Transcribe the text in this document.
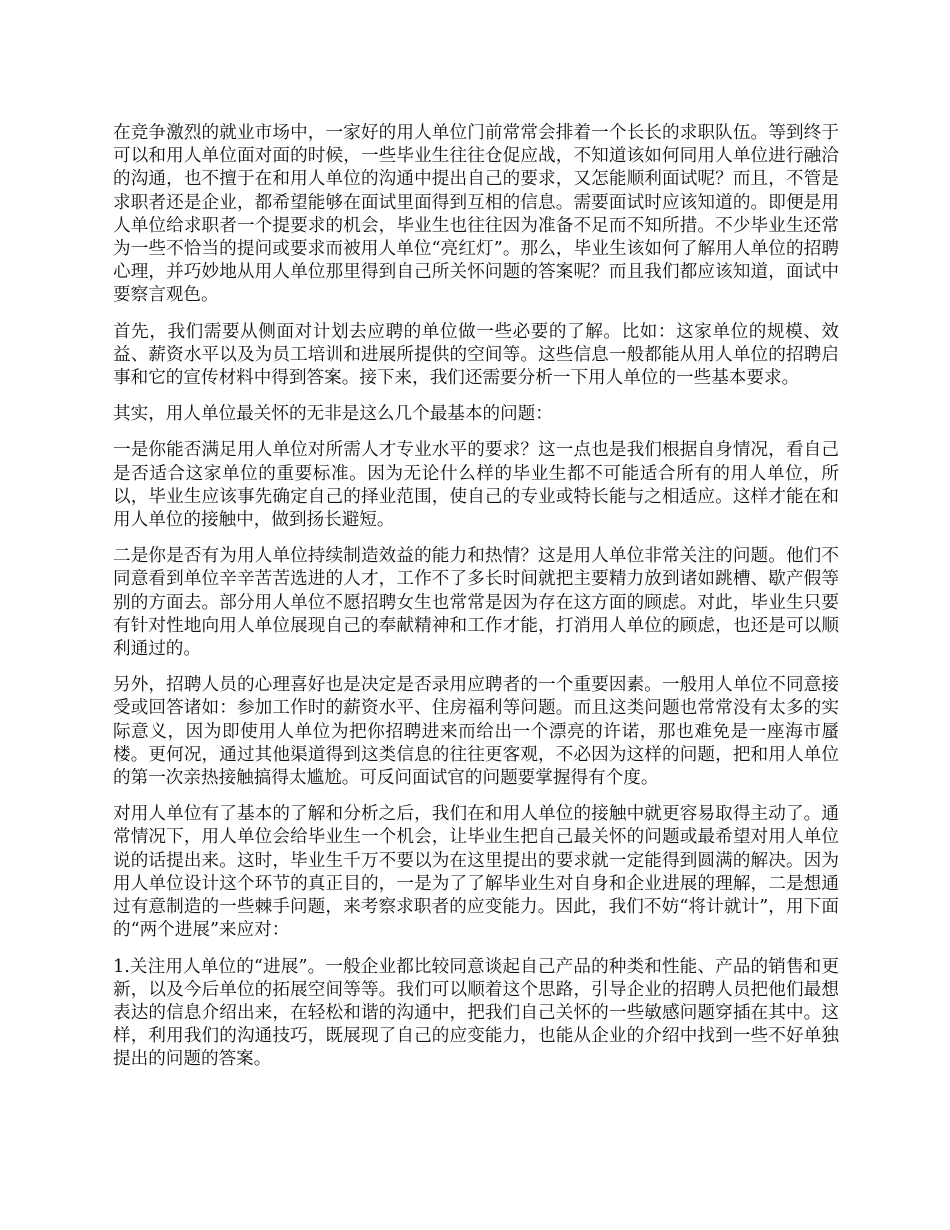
在竞争激烈的就业市场中，一家好的用人单位门前常常会排着一个长长的求职队伍。等到终于可以和用人单位面对面的时候，一些毕业生往往仓促应战，不知道该如何同用人单位进行融洽的沟通，也不擅于在和用人单位的沟通中提出自己的要求，又怎能顺利面试呢？而且，不管是求职者还是企业，都希望能够在面试里面得到互相的信息。需要面试时应该知道的。即便是用人单位给求职者一个提要求的机会，毕业生也往往因为准备不足而不知所措。不少毕业生还常为一些不恰当的提问或要求而被用人单位“亮红灯”。那么，毕业生该如何了解用人单位的招聘心理，并巧妙地从用人单位那里得到自己所关怀问题的答案呢？而且我们都应该知道，面试中要察言观色。

首先，我们需要从侧面对计划去应聘的单位做一些必要的了解。比如：这家单位的规模、效益、薪资水平以及为员工培训和进展所提供的空间等。这些信息一般都能从用人单位的招聘启事和它的宣传材料中得到答案。接下来，我们还需要分析一下用人单位的一些基本要求。

其实，用人单位最关怀的无非是这么几个最基本的问题：

一是你能否满足用人单位对所需人才专业水平的要求？这一点也是我们根据自身情况，看自己是否适合这家单位的重要标准。因为无论什么样的毕业生都不可能适合所有的用人单位，所以，毕业生应该事先确定自己的择业范围，使自己的专业或特长能与之相适应。这样才能在和用人单位的接触中，做到扬长避短。

二是你是否有为用人单位持续制造效益的能力和热情？这是用人单位非常关注的问题。他们不同意看到单位辛辛苦苦选进的人才，工作不了多长时间就把主要精力放到诸如跳槽、歇产假等别的方面去。部分用人单位不愿招聘女生也常常是因为存在这方面的顾虑。对此，毕业生只要有针对性地向用人单位展现自己的奉献精神和工作才能，打消用人单位的顾虑，也还是可以顺利通过的。

另外，招聘人员的心理喜好也是决定是否录用应聘者的一个重要因素。一般用人单位不同意接受或回答诸如：参加工作时的薪资水平、住房福利等问题。而且这类问题也常常没有太多的实际意义，因为即使用人单位为把你招聘进来而给出一个漂亮的许诺，那也难免是一座海市蜃楼。更何况，通过其他渠道得到这类信息的往往更客观，不必因为这样的问题，把和用人单位的第一次亲热接触搞得太尴尬。可反问面试官的问题要掌握得有个度。

对用人单位有了基本的了解和分析之后，我们在和用人单位的接触中就更容易取得主动了。通常情况下，用人单位会给毕业生一个机会，让毕业生把自己最关怀的问题或最希望对用人单位说的话提出来。这时，毕业生千万不要以为在这里提出的要求就一定能得到圆满的解决。因为用人单位设计这个环节的真正目的，一是为了了解毕业生对自身和企业进展的理解，二是想通过有意制造的一些棘手问题，来考察求职者的应变能力。因此，我们不妨“将计就计”，用下面的“两个进展”来应对：

1.关注用人单位的“进展”。一般企业都比较同意谈起自己产品的种类和性能、产品的销售和更新，以及今后单位的拓展空间等等。我们可以顺着这个思路，引导企业的招聘人员把他们最想表达的信息介绍出来，在轻松和谐的沟通中，把我们自己关怀的一些敏感问题穿插在其中。这样，利用我们的沟通技巧，既展现了自己的应变能力，也能从企业的介绍中找到一些不好单独提出的问题的答案。
